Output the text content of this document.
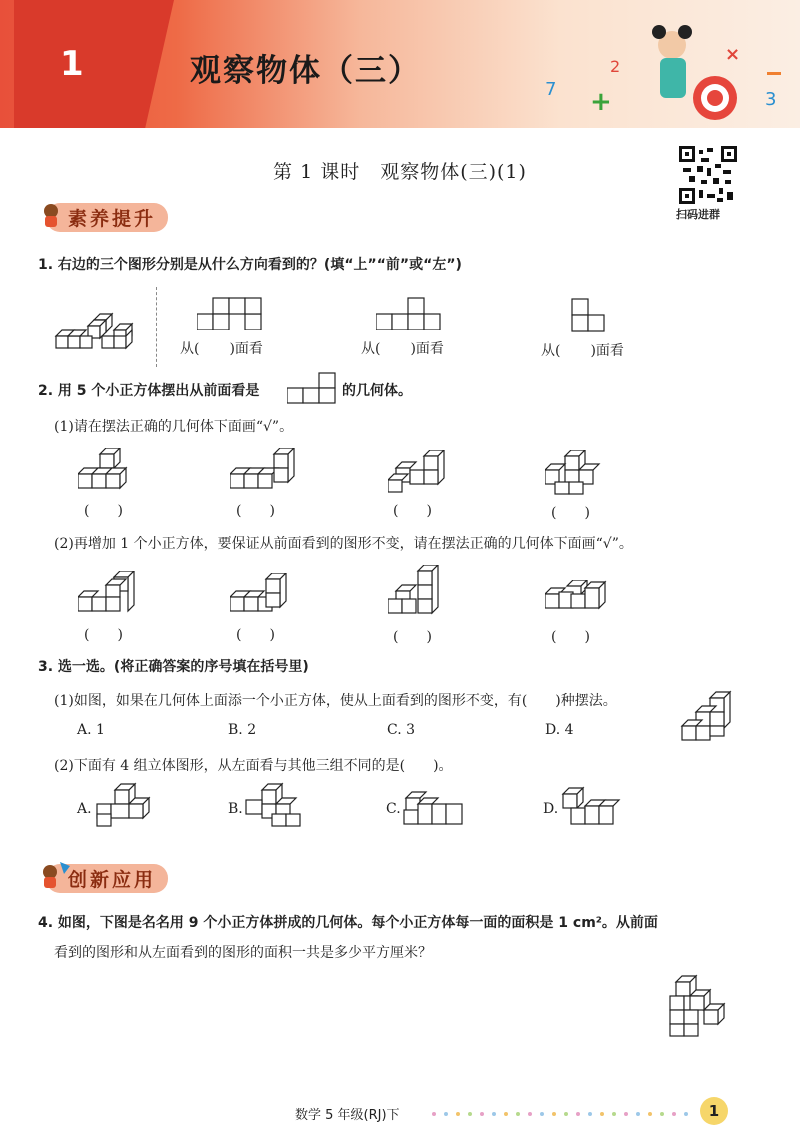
1	观察物体（三）
7 +
2
×
3
第 1 课时　观察物体(三)(1)
扫码进群
素养提升
1. 右边的三个图形分别是从什么方向看到的？(填“上”“前”或“左”)
从( )面看	从( )面看	从( )面看
2. 用 5 个小正方体摆出从前面看是	的几何体。
(1)请在摆法正确的几何体下面画“√”。
(　　)	(　　)	(　　)	(　　)
(2)再增加 1 个小正方体，要保证从前面看到的图形不变，请在摆法正确的几何体下面画“√”。
(　　)	(　　)	(　　)	(　　)
3. 选一选。(将正确答案的序号填在括号里)
(1)如图，如果在几何体上面添一个小正方体，使从上面看到的图形不变，有(　　)种摆法。
A. 1	B. 2	C. 3	D. 4
(2)下面有 4 组立体图形，从左面看与其他三组不同的是(　　)。
A.	B.	C.	D.
创新应用
4. 如图，下图是名名用 9 个小正方体拼成的几何体。每个小正方体每一面的面积是 1 cm²。从前面
看到的图形和从左面看到的图形的面积一共是多少平方厘米？
数学 5 年级(RJ)下	1
